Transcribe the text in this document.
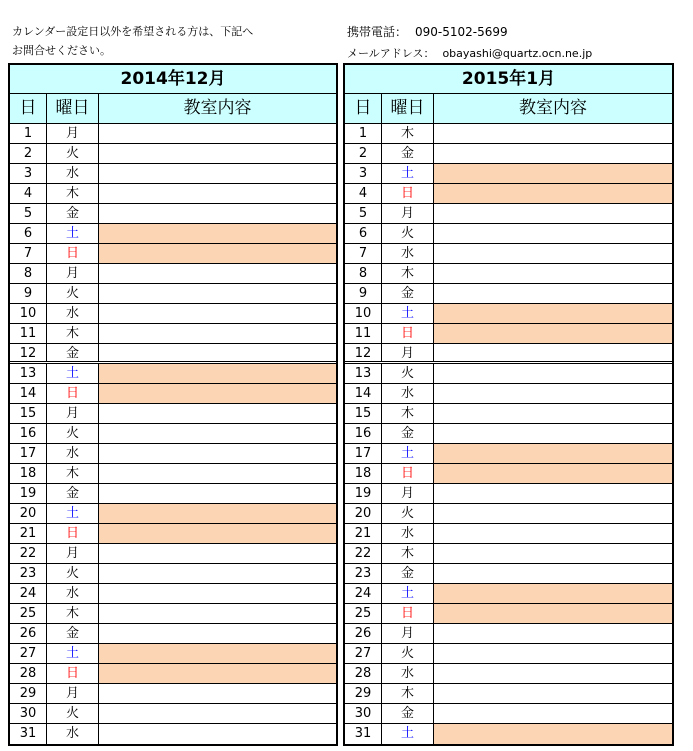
カレンダー設定日以外を希望される方は、下記へ
お問合せください。
携帯電話： 090-5102-5699
メールアドレス： obayashi@quartz.ocn.ne.jp
2014年12月
日	曜日	教室内容
1	月
2	火
3	水
4	木
5	金
6	土
7	日
8	月
9	火
10	水
11	木
12	金
13	土
14	日
15	月
16	火
17	水
18	木
19	金
20	土
21	日
22	月
23	火
24	水
25	木
26	金
27	土
28	日
29	月
30	火
31	水
2015年1月
日	曜日	教室内容
1	木
2	金
3	土
4	日
5	月
6	火
7	水
8	木
9	金
10	土
11	日
12	月
13	火
14	水
15	木
16	金
17	土
18	日
19	月
20	火
21	水
22	木
23	金
24	土
25	日
26	月
27	火
28	水
29	木
30	金
31	土
